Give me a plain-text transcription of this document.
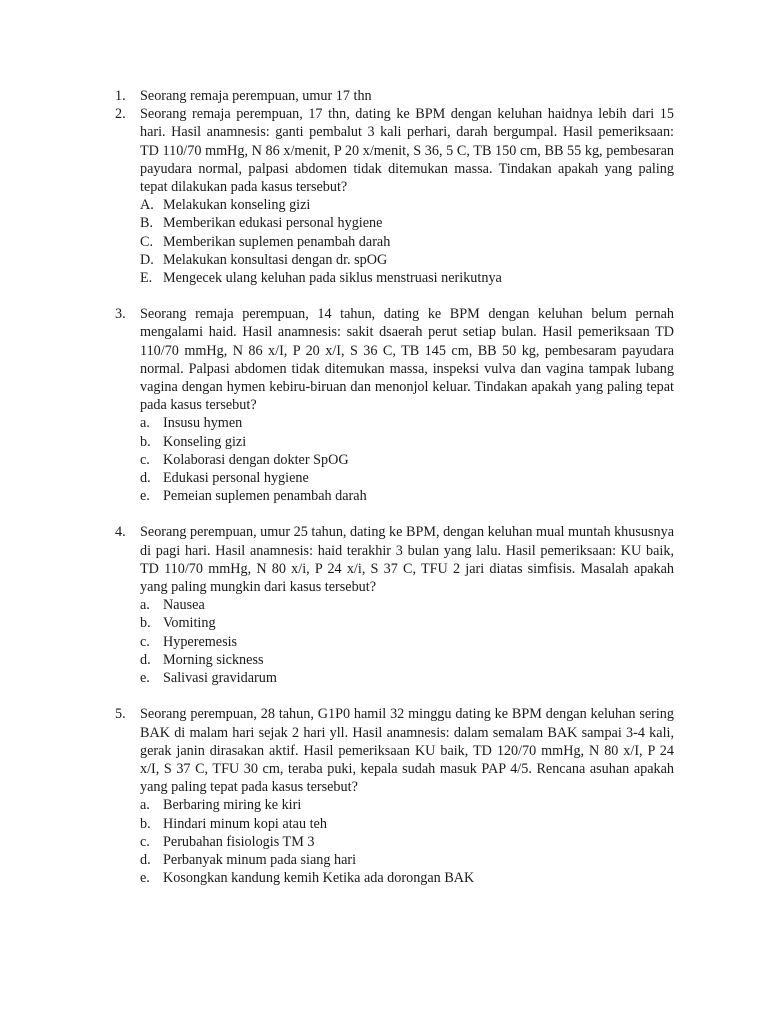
1. Seorang remaja perempuan, umur 17 thn
2. Seorang remaja perempuan, 17 thn, dating ke BPM dengan keluhan haidnya lebih dari 15 hari. Hasil anamnesis: ganti pembalut 3 kali perhari, darah bergumpal. Hasil pemeriksaan: TD 110/70 mmHg, N 86 x/menit, P 20 x/menit, S 36, 5 C, TB 150 cm, BB 55 kg, pembesaran payudara normal, palpasi abdomen tidak ditemukan massa. Tindakan apakah yang paling tepat dilakukan pada kasus tersebut?
A. Melakukan konseling gizi
B. Memberikan edukasi personal hygiene
C. Memberikan suplemen penambah darah
D. Melakukan konsultasi dengan dr. spOG
E. Mengecek ulang keluhan pada siklus menstruasi nerikutnya
3. Seorang remaja perempuan, 14 tahun, dating ke BPM dengan keluhan belum pernah mengalami haid. Hasil anamnesis: sakit dsaerah perut setiap bulan. Hasil pemeriksaan TD 110/70 mmHg, N 86 x/I, P 20 x/I, S 36 C, TB 145 cm, BB 50 kg, pembesaram payudara normal. Palpasi abdomen tidak ditemukan massa, inspeksi vulva dan vagina tampak lubang vagina dengan hymen kebiru-biruan dan menonjol keluar. Tindakan apakah yang paling tepat pada kasus tersebut?
a. Insusu hymen
b. Konseling gizi
c. Kolaborasi dengan dokter SpOG
d. Edukasi personal hygiene
e. Pemeian suplemen penambah darah
4. Seorang perempuan, umur 25 tahun, dating ke BPM, dengan keluhan mual muntah khususnya di pagi hari. Hasil anamnesis: haid terakhir 3 bulan yang lalu. Hasil pemeriksaan: KU baik, TD 110/70 mmHg, N 80 x/i, P 24 x/i, S 37 C, TFU 2 jari diatas simfisis. Masalah apakah yang paling mungkin dari kasus tersebut?
a. Nausea
b. Vomiting
c. Hyperemesis
d. Morning sickness
e. Salivasi gravidarum
5. Seorang perempuan, 28 tahun, G1P0 hamil 32 minggu dating ke BPM dengan keluhan sering BAK di malam hari sejak 2 hari yll. Hasil anamnesis: dalam semalam BAK sampai 3-4 kali, gerak janin dirasakan aktif. Hasil pemeriksaan KU baik, TD 120/70 mmHg, N 80 x/I, P 24 x/I, S 37 C, TFU 30 cm, teraba puki, kepala sudah masuk PAP 4/5. Rencana asuhan apakah yang paling tepat pada kasus tersebut?
a. Berbaring miring ke kiri
b. Hindari minum kopi atau teh
c. Perubahan fisiologis TM 3
d. Perbanyak minum pada siang hari
e. Kosongkan kandung kemih Ketika ada dorongan BAK
